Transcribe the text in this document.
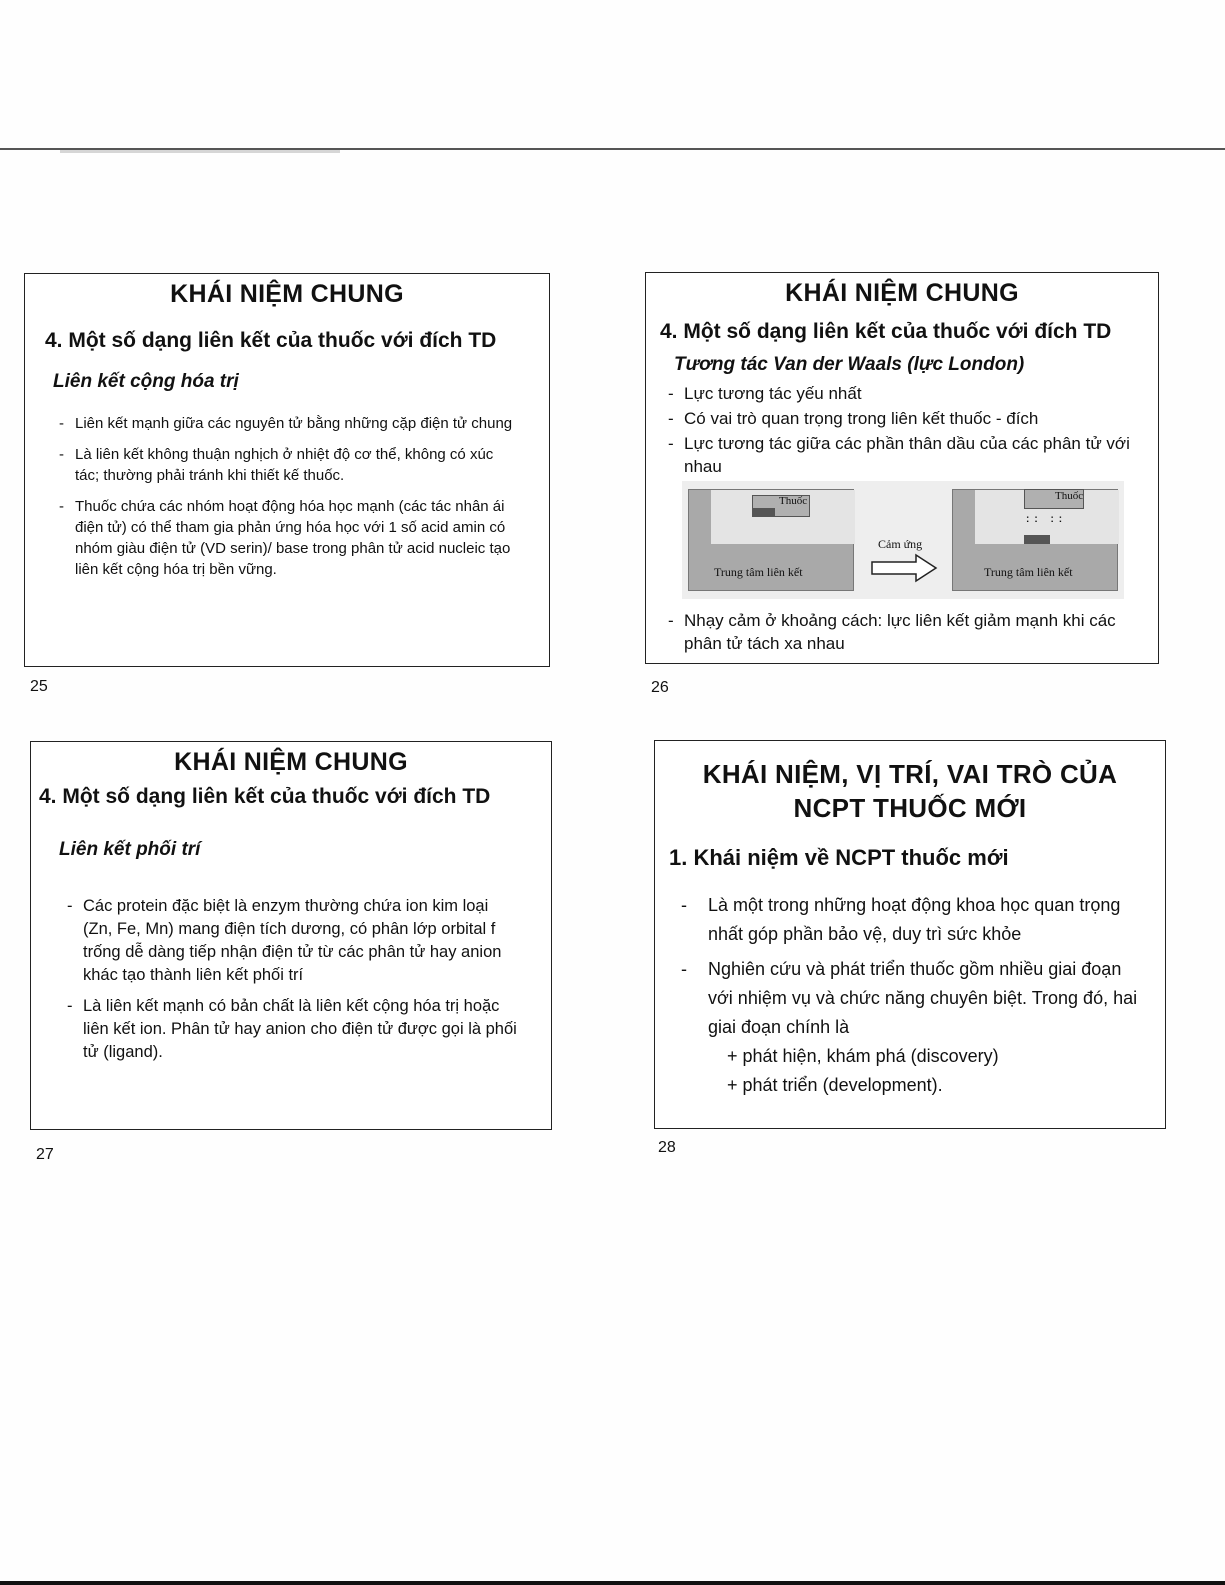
KHÁI NIỆM CHUNG

4. Một số dạng liên kết của thuốc với đích TD

Liên kết cộng hóa trị

- Liên kết mạnh giữa các nguyên tử bằng những cặp điện tử chung
- Là liên kết không thuận nghịch ở nhiệt độ cơ thể, không có xúc tác; thường phải tránh khi thiết kế thuốc.
- Thuốc chứa các nhóm hoạt động hóa học mạnh (các tác nhân ái điện tử) có thể tham gia phản ứng hóa học với 1 số acid amin có nhóm giàu điện tử (VD serin)/ base trong phân tử acid nucleic tạo liên kết cộng hóa trị bền vững.
25
KHÁI NIỆM CHUNG

4. Một số dạng liên kết của thuốc với đích TD

Tương tác Van der Waals (lực London)

- Lực tương tác yếu nhất
- Có vai trò quan trọng trong liên kết thuốc - đích
- Lực tương tác giữa các phần thân dầu của các phân tử với nhau
Thuốc
Trung tâm liên kết
Cảm ứng
Thuốc
:: ::
Trung tâm liên kết
- Nhạy cảm ở khoảng cách: lực liên kết giảm mạnh khi các phân tử tách xa nhau
26
KHÁI NIỆM CHUNG

4. Một số dạng liên kết của thuốc với đích TD

Liên kết phối trí

- Các protein đặc biệt là enzym thường chứa ion kim loại (Zn, Fe, Mn) mang điện tích dương, có phân lớp orbital f trống dễ dàng tiếp nhận điện tử từ các phân tử hay anion khác tạo thành liên kết phối trí
- Là liên kết mạnh có bản chất là liên kết cộng hóa trị hoặc liên kết ion. Phân tử hay anion cho điện tử được gọi là phối tử (ligand).
27
KHÁI NIỆM, VỊ TRÍ, VAI TRÒ CỦA
NCPT THUỐC MỚI

1. Khái niệm về NCPT thuốc mới

- Là một trong những hoạt động khoa học quan trọng nhất góp phần bảo vệ, duy trì sức khỏe
- Nghiên cứu và phát triển thuốc gồm nhiều giai đoạn với nhiệm vụ và chức năng chuyên biệt. Trong đó, hai giai đoạn chính là
+ phát hiện, khám phá (discovery)
+ phát triển (development).
28
